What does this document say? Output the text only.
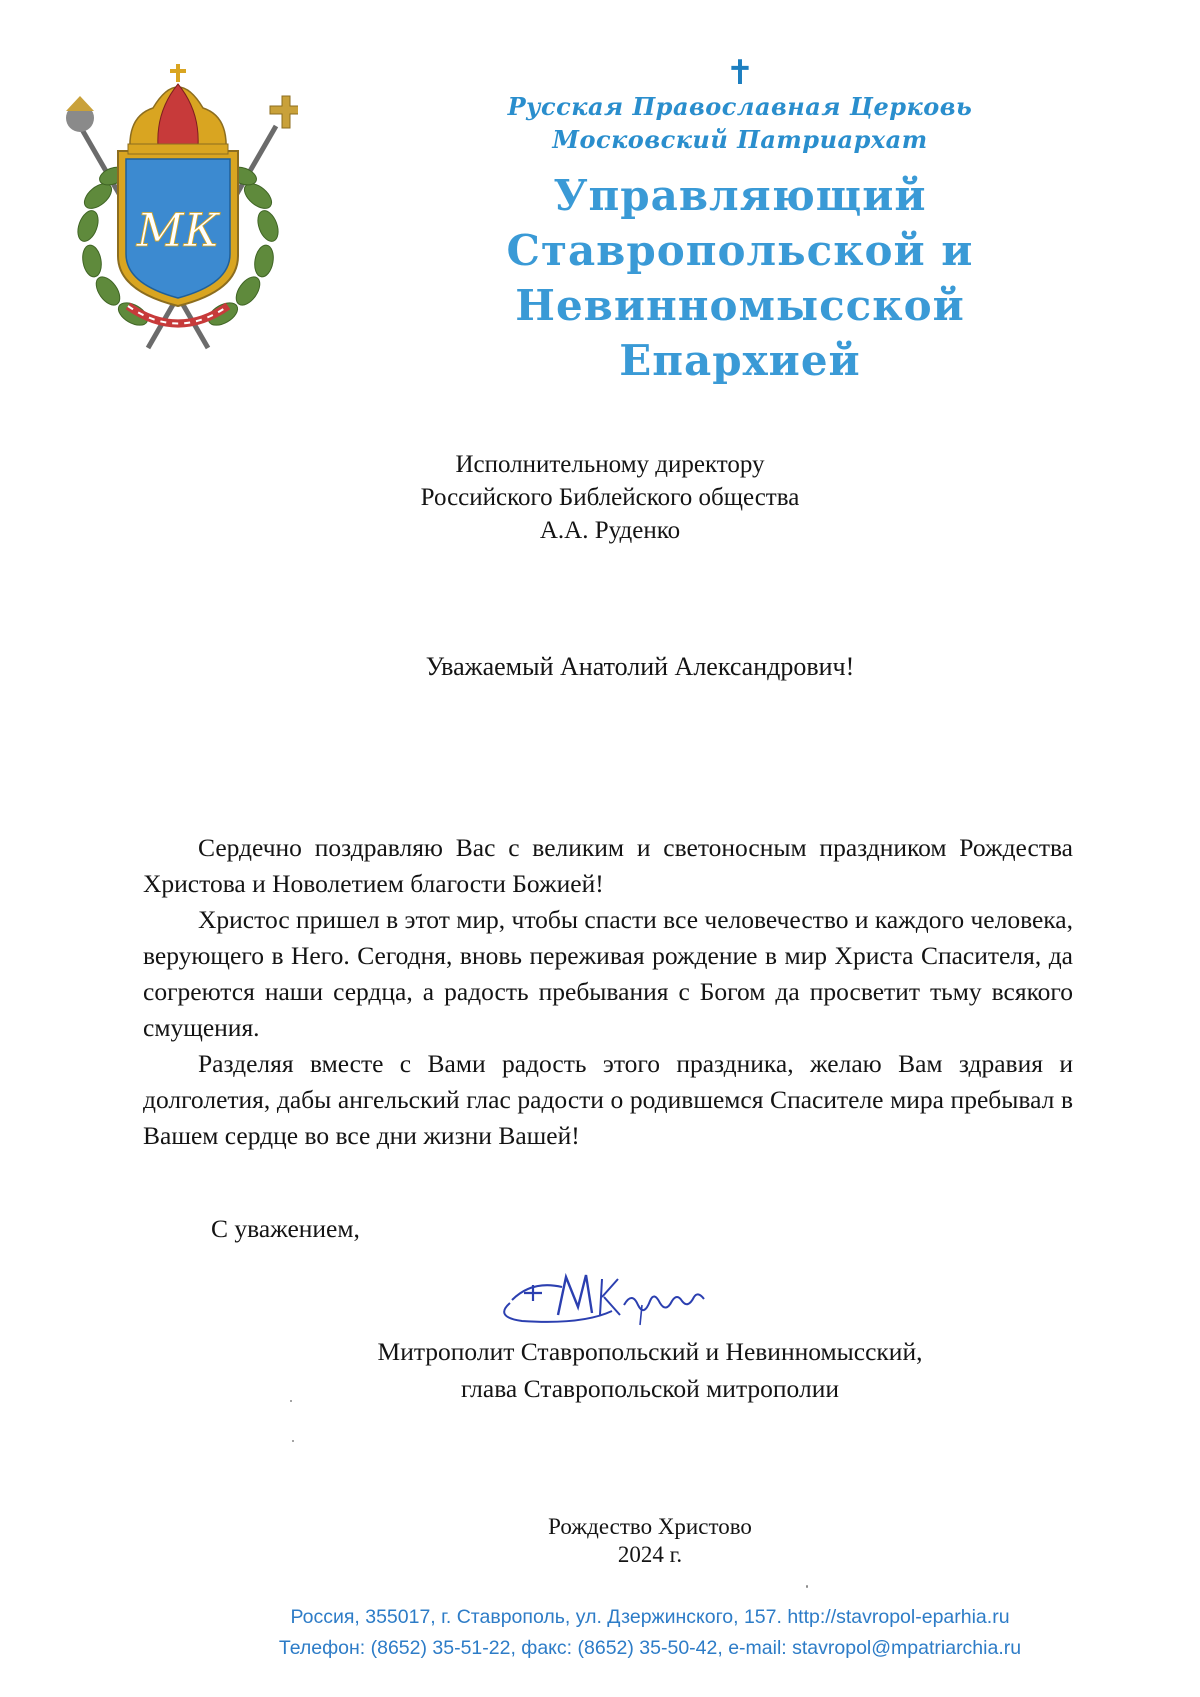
МК
✝
Русская Православная Церковь
Московский Патриархат
Управляющий
Ставропольской и Невинномысской
Епархией
Исполнительному директору
Российского Библейского общества
А.А. Руденко
Уважаемый Анатолий Александрович!

Сердечно поздравляю Вас с великим и светоносным праздником Рождества Христова и Новолетием благости Божией!

Христос пришел в этот мир, чтобы спасти все человечество и каждого человека, верующего в Него. Сегодня, вновь переживая рождение в мир Христа Спасителя, да согреются наши сердца, а радость пребывания с Богом да просветит тьму всякого смущения.

Разделяя вместе с Вами радость этого праздника, желаю Вам здравия и долголетия, дабы ангельский глас радости о родившемся Спасителе мира пребывал в Вашем сердце во все дни жизни Вашей!

С уважением,
Митрополит Ставропольский и Невинномысский,
глава Ставропольской митрополии
Рождество Христово
2024 г.
Россия, 355017, г. Ставрополь, ул. Дзержинского, 157. http://stavropol-eparhia.ru
Телефон: (8652) 35-51-22, факс: (8652) 35-50-42, e-mail: stavropol@mpatriarchia.ru
